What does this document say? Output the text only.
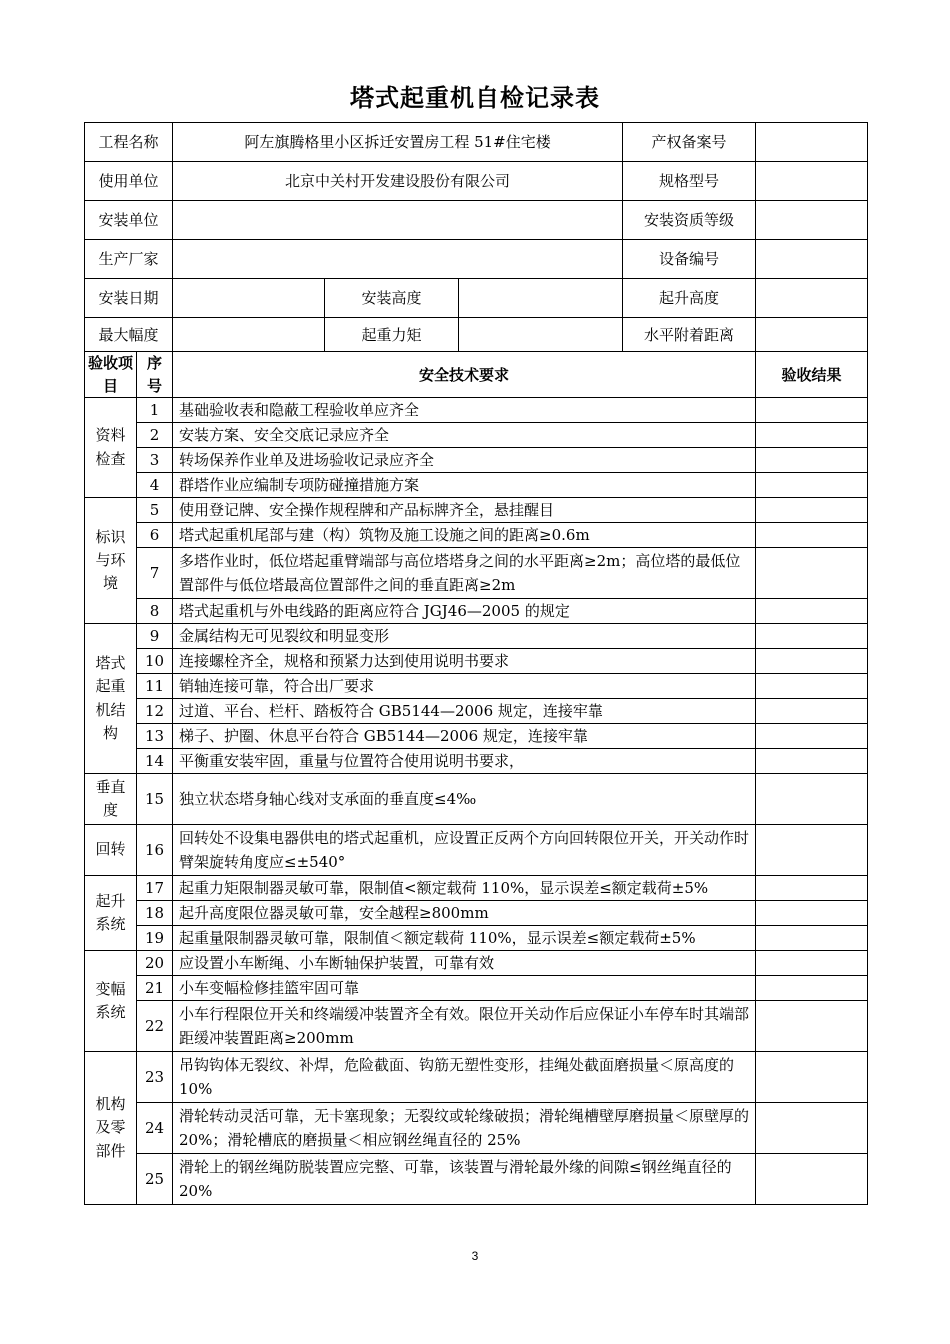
塔式起重机自检记录表
工程名称		阿左旗腾格里小区拆迁安置房工程 51#住宅楼			产权备案号	
使用单位		北京中关村开发建设股份有限公司			规格型号	
安装单位					安装资质等级	
生产厂家					设备编号	
安装日期			安装高度		起升高度	
最大幅度			起重力矩		水平附着距离	
验收项目	序号	安全技术要求				验收结果
资料检查	1	基础验收表和隐蔽工程验收单应齐全				
	2	安装方案、安全交底记录应齐全				
	3	转场保养作业单及进场验收记录应齐全				
	4	群塔作业应编制专项防碰撞措施方案				
标识与环境	5	使用登记牌、安全操作规程牌和产品标牌齐全，悬挂醒目				
	6	塔式起重机尾部与建（构）筑物及施工设施之间的距离≥0.6m				
	7	多塔作业时，低位塔起重臂端部与高位塔塔身之间的水平距离≥2m；高位塔的最低位置部件与低位塔最高位置部件之间的垂直距离≥2m				
	8	塔式起重机与外电线路的距离应符合 JGJ46—2005 的规定				
塔式起重机结构	9	金属结构无可见裂纹和明显变形				
	10	连接螺栓齐全，规格和预紧力达到使用说明书要求				
	11	销轴连接可靠，符合出厂要求				
	12	过道、平台、栏杆、踏板符合 GB5144—2006 规定，连接牢靠				
	13	梯子、护圈、休息平台符合 GB5144—2006 规定，连接牢靠				
	14	平衡重安装牢固，重量与位置符合使用说明书要求，				
垂直度	15	独立状态塔身轴心线对支承面的垂直度≤4‰				
回转	16	回转处不设集电器供电的塔式起重机，应设置正反两个方向回转限位开关，开关动作时臂架旋转角度应≤±540°				
起升系统	17	起重力矩限制器灵敏可靠，限制值<额定载荷 110%，显示误差≤额定载荷±5%				
	18	起升高度限位器灵敏可靠，安全越程≥800mm				
	19	起重量限制器灵敏可靠，限制值＜额定载荷 110%，显示误差≤额定载荷±5%				
变幅系统	20	应设置小车断绳、小车断轴保护装置，可靠有效				
	21	小车变幅检修挂篮牢固可靠				
	22	小车行程限位开关和终端缓冲装置齐全有效。限位开关动作后应保证小车停车时其端部距缓冲装置距离≥200mm				
机构及零部件	23	吊钩钩体无裂纹、补焊，危险截面、钩筋无塑性变形，挂绳处截面磨损量＜原高度的 10%				
	24	滑轮转动灵活可靠，无卡塞现象；无裂纹或轮缘破损；滑轮绳槽壁厚磨损量＜原壁厚的 20%；滑轮槽底的磨损量＜相应钢丝绳直径的 25%				
	25	滑轮上的钢丝绳防脱装置应完整、可靠，该装置与滑轮最外缘的间隙≤钢丝绳直径的 20%				
3
